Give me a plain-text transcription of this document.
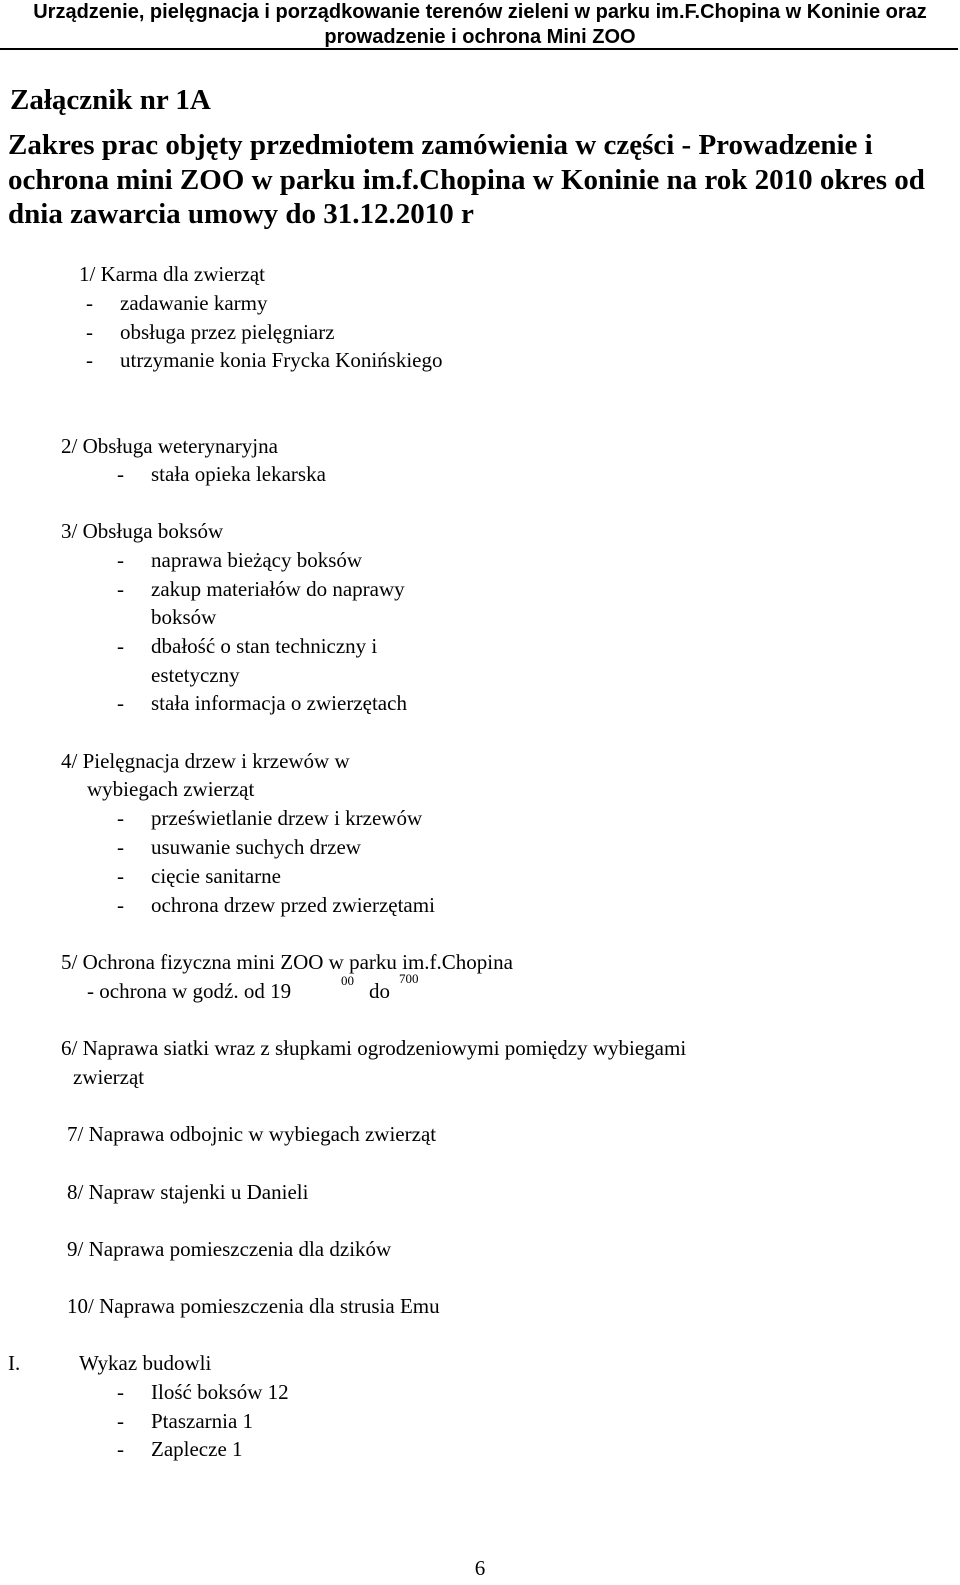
Urządzenie, pielęgnacja i porządkowanie terenów zieleni w parku im.F.Chopina w Koninie oraz
prowadzenie i ochrona Mini ZOO
Załącznik nr 1A
Zakres prac objęty przedmiotem zamówienia w części - Prowadzenie i
ochrona mini ZOO w parku im.f.Chopina w Koninie na rok 2010 okres od
dnia zawarcia umowy do 31.12.2010 r
1/ Karma dla zwierząt
- zadawanie karmy
- obsługa przez pielęgniarz
- utrzymanie konia Frycka Konińskiego
2/ Obsługa weterynaryjna
- stała opieka lekarska
3/ Obsługa boksów
- naprawa bieżący boksów
- zakup materiałów do naprawy
boksów
- dbałość o stan techniczny i
estetyczny
- stała informacja o zwierzętach
4/ Pielęgnacja drzew i krzewów w
wybiegach zwierząt
- prześwietlanie drzew i krzewów
- usuwanie suchych drzew
- cięcie sanitarne
- ochrona drzew przed zwierzętami
5/ Ochrona fizyczna mini ZOO w parku im.f.Chopina
- ochrona w godź. od 19	00 do
700
6/ Naprawa siatki wraz z słupkami ogrodzeniowymi pomiędzy wybiegami
zwierząt
7/ Naprawa odbojnic w wybiegach zwierząt
8/ Napraw stajenki u Danieli
9/ Naprawa pomieszczenia dla dzików
10/ Naprawa pomieszczenia dla strusia Emu
I.	Wykaz budowli
- Ilość boksów 12
- Ptaszarnia 1
- Zaplecze 1
6
